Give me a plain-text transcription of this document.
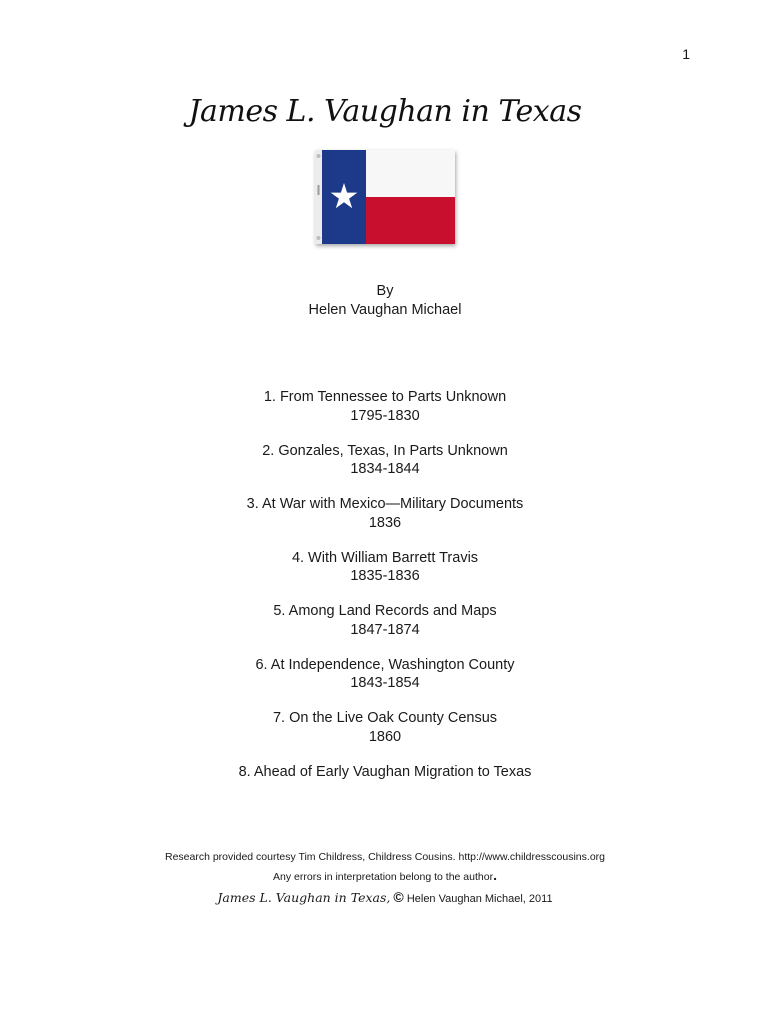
1
James L. Vaughan in Texas
By
Helen Vaughan Michael
1. From Tennessee to Parts Unknown
1795-1830
2. Gonzales, Texas, In Parts Unknown
1834-1844
3. At War with Mexico—Military Documents
1836
4. With William Barrett Travis
1835-1836
5. Among Land Records and Maps
1847-1874
6. At Independence, Washington County
1843-1854
7. On the Live Oak County Census
1860
8. Ahead of Early Vaughan Migration to Texas
Research provided courtesy Tim Childress, Childress Cousins. http://www.childresscousins.org
Any errors in interpretation belong to the author.
James L. Vaughan in Texas, © Helen Vaughan Michael, 2011
